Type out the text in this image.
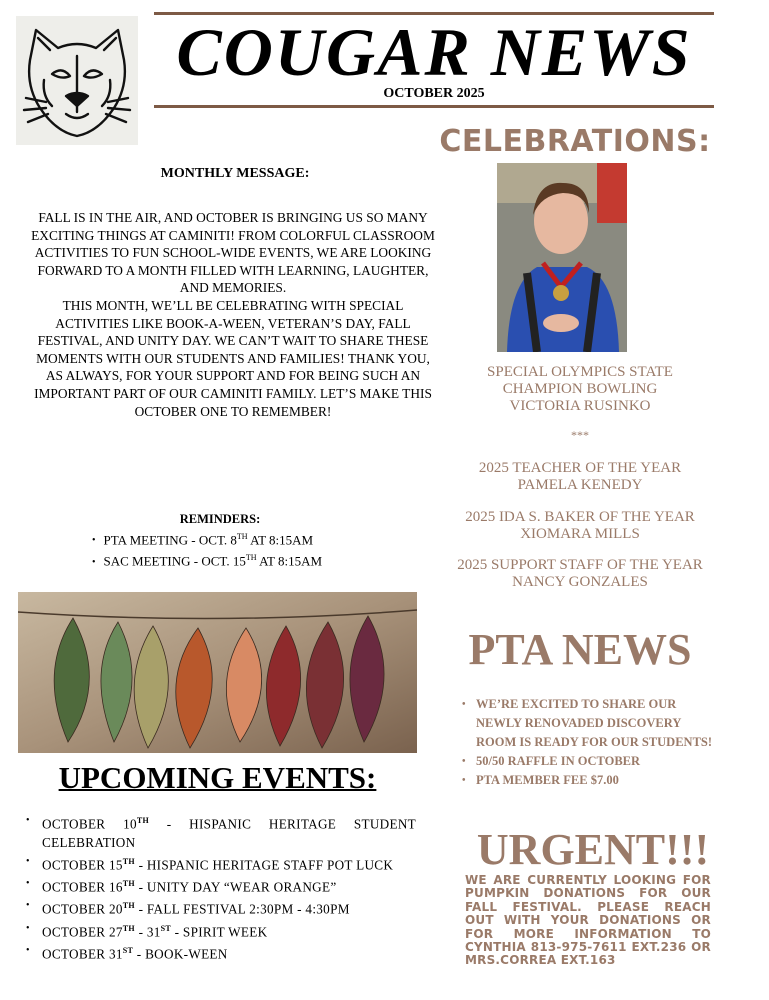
COUGAR NEWS
OCTOBER 2025
MONTHLY MESSAGE:

FALL IS IN THE AIR, AND OCTOBER IS BRINGING US SO MANY EXCITING THINGS AT CAMINITI! FROM COLORFUL CLASSROOM ACTIVITIES TO FUN SCHOOL-WIDE EVENTS, WE ARE LOOKING FORWARD TO A MONTH FILLED WITH LEARNING, LAUGHTER, AND MEMORIES.

THIS MONTH, WE’LL BE CELEBRATING WITH SPECIAL ACTIVITIES LIKE BOOK-A-WEEN, VETERAN’S DAY, FALL FESTIVAL, AND UNITY DAY. WE CAN’T WAIT TO SHARE THESE MOMENTS WITH OUR STUDENTS AND FAMILIES! THANK YOU, AS ALWAYS, FOR YOUR SUPPORT AND FOR BEING SUCH AN IMPORTANT PART OF OUR CAMINITI FAMILY. LET’S MAKE THIS OCTOBER ONE TO REMEMBER!

REMINDERS:
• PTA MEETING - OCT. 8TH AT 8:15AM
• SAC MEETING - OCT. 15TH AT 8:15AM
UPCOMING EVENTS:
• OCTOBER 10TH - HISPANIC HERITAGE STUDENT CELEBRATION
• OCTOBER 15TH - HISPANIC HERITAGE STAFF POT LUCK
• OCTOBER 16TH - UNITY DAY “WEAR ORANGE”
• OCTOBER 20TH - FALL FESTIVAL 2:30PM - 4:30PM
• OCTOBER 27TH - 31ST - SPIRIT WEEK
• OCTOBER 31ST - BOOK-WEEN
CELEBRATIONS:
SPECIAL OLYMPICS STATE
CHAMPION BOWLING
VICTORIA RUSINKO
***
2025 TEACHER OF THE YEAR
PAMELA KENEDY
2025 IDA S. BAKER OF THE YEAR
XIOMARA MILLS
2025 SUPPORT STAFF OF THE YEAR
NANCY GONZALES
PTA NEWS
• WE’RE EXCITED TO SHARE OUR NEWLY RENOVADED DISCOVERY ROOM IS READY FOR OUR STUDENTS!
• 50/50 RAFFLE IN OCTOBER
• PTA MEMBER FEE $7.00
URGENT!!!
WE ARE CURRENTLY LOOKING FOR PUMPKIN DONATIONS FOR OUR FALL FESTIVAL. PLEASE REACH OUT WITH YOUR DONATIONS OR FOR MORE INFORMATION TO CYNTHIA 813-975-7611 EXT.236 OR MRS.CORREA EXT.163
